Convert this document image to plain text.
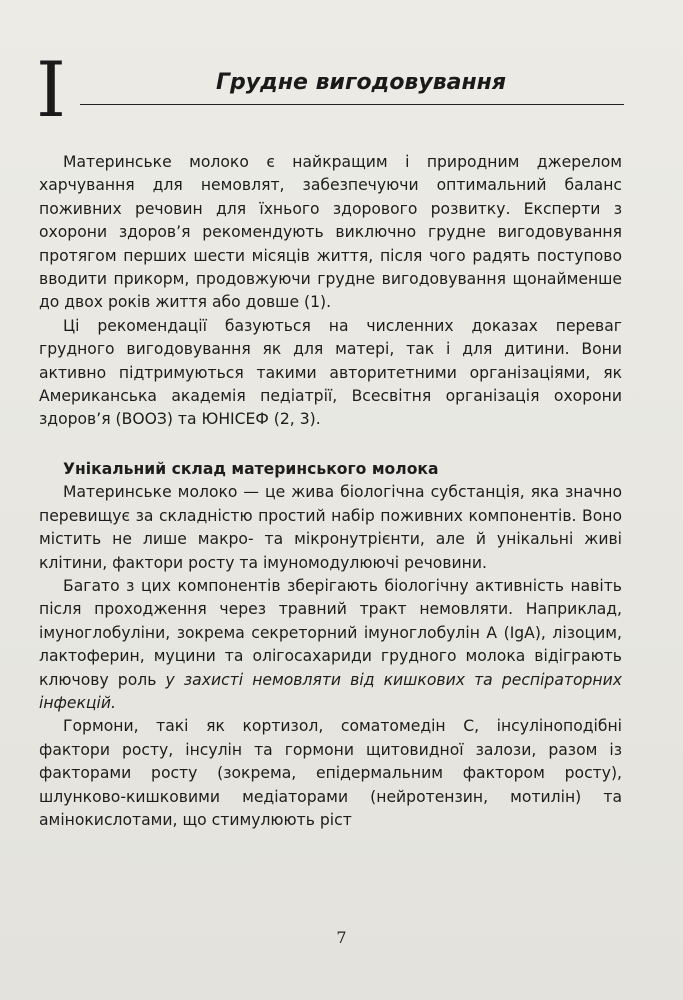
I	Грудне вигодовування

Материнське молоко є найкращим і природним джерелом харчування для немовлят, забезпечуючи оптимальний баланс поживних речовин для їхнього здорового розвитку. Експерти з охорони здоров’я рекомендують виключно грудне вигодовування протягом перших шести місяців життя, після чого радять поступово вводити прикорм, продовжуючи грудне вигодовування щонайменше до двох років життя або довше (1).

Ці рекомендації базуються на численних доказах переваг грудного вигодовування як для матері, так і для дитини. Вони активно підтримуються такими авторитетними організаціями, як Американська академія педіатрії, Всесвітня організація охорони здоров’я (ВООЗ) та ЮНІСЕФ (2, 3).

Унікальний склад материнського молока

Материнське молоко — це жива біологічна субстанція, яка значно перевищує за складністю простий набір поживних компонентів. Воно містить не лише макро- та мікронутрієнти, але й унікальні живі клітини, фактори росту та імуномодулюючі речовини.

Багато з цих компонентів зберігають біологічну активність навіть після проходження через травний тракт немовляти. Наприклад, імуноглобуліни, зокрема секреторний імуноглобулін А (IgA), лізоцим, лактоферин, муцини та олігосахариди грудного молока відіграють ключову роль у захисті немовляти від кишкових та респіраторних інфекцій.

Гормони, такі як кортизол, соматомедін С, інсуліноподібні фактори росту, інсулін та гормони щитовидної залози, разом із факторами росту (зокрема, епідермальним фактором росту), шлунково-кишковими медіаторами (нейротензин, мотилін) та амінокислотами, що стимулюють ріст

7
